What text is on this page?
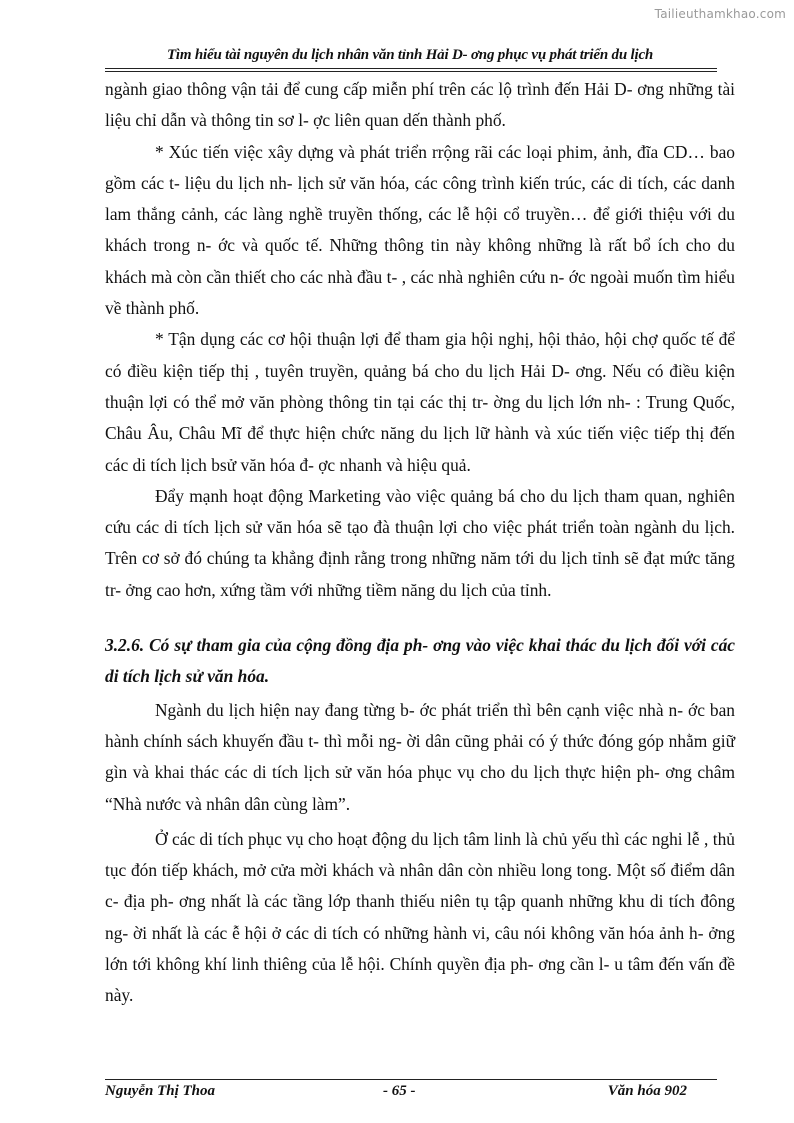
Tailieuthamkhao.com
Tìm hiểu tài nguyên du lịch nhân văn tỉnh Hải D- ơng phục vụ phát triển du lịch

ngành giao thông vận tải để cung cấp miễn phí trên các lộ trình đến Hải D- ơng những tài liệu chỉ dẫn và thông tin sơ l- ợc liên quan dến thành phố.

* Xúc tiến việc xây dựng và phát triển rrộng rãi các loại phim, ảnh, đĩa CD… bao gồm các t- liệu du lịch nh- lịch sử văn hóa, các công trình kiến trúc, các di tích, các danh lam thắng cảnh, các làng nghề truyền thống, các lễ hội cổ truyền… để giới thiệu với du khách trong n- ớc và quốc tế. Những thông tin này không những là rất bổ ích cho du khách mà còn cần thiết cho các nhà đầu t- , các nhà nghiên cứu n- ớc ngoài muốn tìm hiểu về thành phố.

* Tận dụng các cơ hội thuận lợi để tham gia hội nghị, hội thảo, hội chợ quốc tế để có điều kiện tiếp thị , tuyên truyền, quảng bá cho du lịch Hải D- ơng. Nếu có điều kiện thuận lợi có thể mở văn phòng thông tin tại các thị tr- ờng du lịch lớn nh- : Trung Quốc, Châu Âu, Châu Mĩ để thực hiện chức năng du lịch lữ hành và xúc tiến việc tiếp thị đến các di tích lịch bsử văn hóa đ- ợc nhanh và hiệu quả.

Đẩy mạnh hoạt động Marketing vào việc quảng bá cho du lịch tham quan, nghiên cứu các di tích lịch sử văn hóa sẽ tạo đà thuận lợi cho việc phát triển toàn ngành du lịch. Trên cơ sở đó chúng ta khẳng định rằng trong những năm tới du lịch tỉnh sẽ đạt mức tăng tr- ởng cao hơn, xứng tầm với những tiềm năng du lịch của tỉnh.

3.2.6. Có sự tham gia của cộng đồng địa ph- ơng vào việc khai thác du lịch đối với các di tích lịch sử văn hóa.

Ngành du lịch hiện nay đang từng b- ớc phát triển thì bên cạnh việc nhà n- ớc ban hành chính sách khuyến đầu t- thì mỗi ng- ời dân cũng phải có ý thức đóng góp nhằm giữ gìn và khai thác các di tích lịch sử văn hóa phục vụ cho du lịch thực hiện ph- ơng châm “Nhà nước và nhân dân cùng làm”.

Ở các di tích phục vụ cho hoạt động du lịch tâm linh là chủ yếu thì các nghi lễ , thủ tục đón tiếp khách, mở cửa mời khách và nhân dân còn nhiều long tong. Một số điểm dân c- địa ph- ơng nhất là các tầng lớp thanh thiếu niên tụ tập quanh những khu di tích đông ng- ời nhất là các ễ hội ở các di tích có những hành vi, câu nói không văn hóa ảnh h- ởng lớn tới không khí linh thiêng của lễ hội. Chính quyền địa ph- ơng cần l- u tâm đến vấn đề này.

Nguyễn Thị Thoa	- 65 -	Văn hóa 902
